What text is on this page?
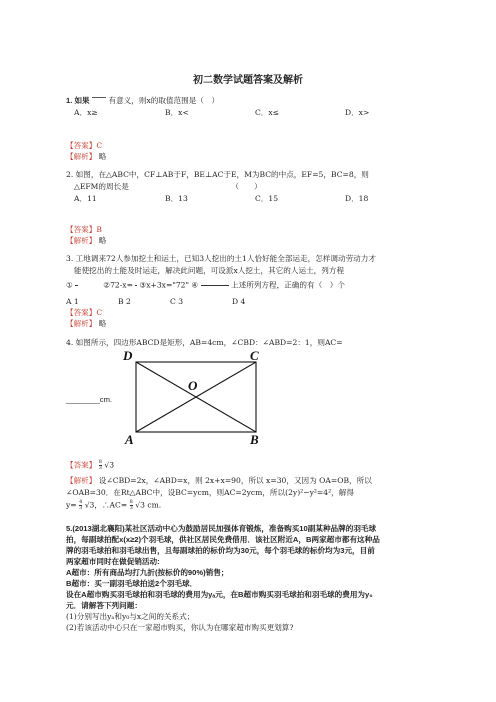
初二数学试题答案及解析
1. 如果 有意义，则x的取值范围是（　）
A．x≥	B．x<	C．x≤	D．x>
【答案】C
【解析】 略
2. 如图，在△ABC中，CF⊥AB于F，BE⊥AC于E，M为BC的中点，EF=5，BC=8，则
△EFM的周长是　　　　　　　　　　　　　　（　　）
A．11	B．13	C．15	D．18
【答案】B
【解析】 略
3. 工地调来72人参加挖土和运土，已知3人挖出的土1人恰好能全部运走，怎样调动劳动力才
能使挖出的土能及时运走，解决此问题，可设派x人挖土，其它的人运土，列方程
①

	②72-x=

③x+3x="72" ④

	上述所列方程，正确的有（　）个
A 1	B 2	C 3	D 4
【答案】C
【解析】 略
4. 如图所示，四边形ABCD是矩形，AB=4cm，∠CBD：∠ABD=2：1，则AC=
D	C
O
A	B
________cm.
【答案】 $\frac{8}{3} √3$
【解析】 设∠CBD=2x，∠ABD=x，则 2x+x=90，所以 x=30，又因为 OA=OB，所以
∠OAB=30．在Rt△ABC中，设BC=ycm，则AC=2ycm，所以(2y)²−y²=4²，解得
$y= \frac{4}{3} √3$，∴AC= $\frac{8}{3} √3$ cm.
5.(2013湖北襄阳)某社区活动中心为鼓励居民加强体育锻炼，准备购买10副某种品牌的羽毛球
拍，每副球拍配x(x≥2)个羽毛球，供社区居民免费借用．该社区附近A，B两家超市都有这种品
牌的羽毛球拍和羽毛球出售，且每副球拍的标价均为30元，每个羽毛球的标价均为3元，目前
两家超市同时在做促销活动:
A超市：所有商品均打九折(按标价的90%)销售；
B超市：买一副羽毛球拍送2个羽毛球．
设在A超市购买羽毛球拍和羽毛球的费用为yₐ元，在B超市购买羽毛球拍和羽毛球的费用为y₀
元．请解答下列问题：
(1)分别写出yₐ和y₀与x之间的关系式；
(2)若该活动中心只在一家超市购买，你认为在哪家超市购买更划算?
